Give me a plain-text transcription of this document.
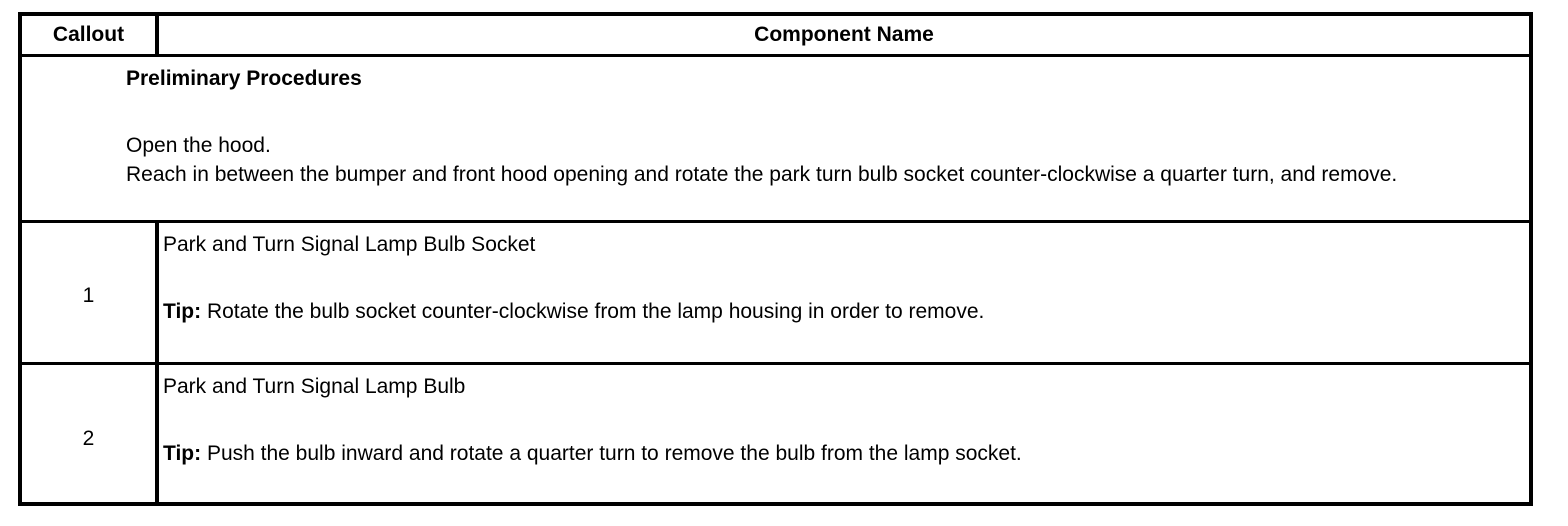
Callout	Component Name
Preliminary Procedures
Open the hood.
Reach in between the bumper and front hood opening and rotate the park turn bulb socket counter-clockwise a quarter turn, and remove.
1
Park and Turn Signal Lamp Bulb Socket
Tip: Rotate the bulb socket counter-clockwise from the lamp housing in order to remove.
2
Park and Turn Signal Lamp Bulb
Tip: Push the bulb inward and rotate a quarter turn to remove the bulb from the lamp socket.
